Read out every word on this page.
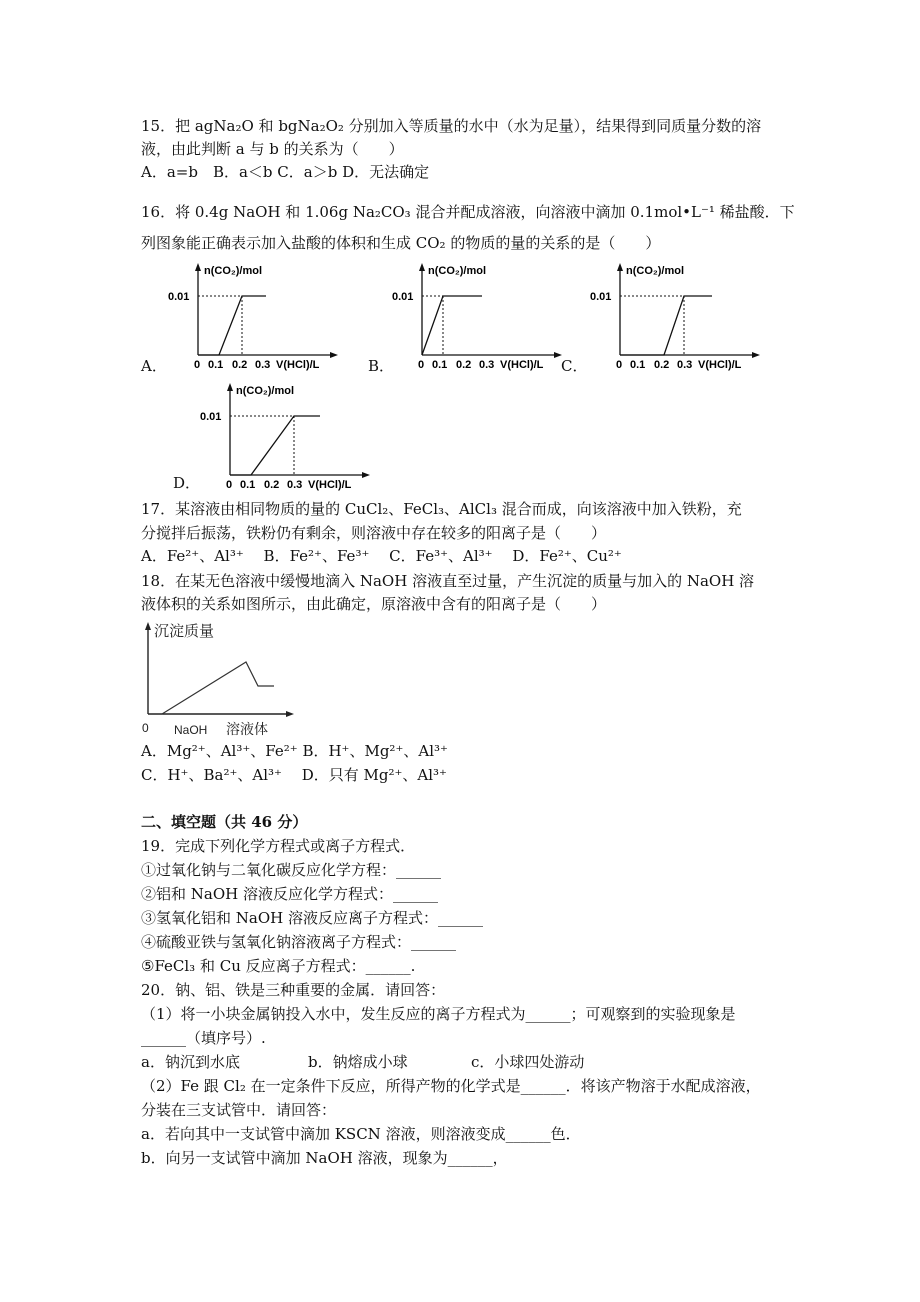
15．把 agNa₂O 和 bgNa₂O₂ 分别加入等质量的水中（水为足量），结果得到同质量分数的溶
液，由此判断 a 与 b 的关系为（　　）
A．a=b　B．a＜b C．a＞b D．无法确定
16．将 0.4g NaOH 和 1.06g Na₂CO₃ 混合并配成溶液，向溶液中滴加 0.1mol•L⁻¹ 稀盐酸．下
列图象能正确表示加入盐酸的体积和生成 CO₂ 的物质的量的关系的是（　　）
A．	B．	C．
D．
n(CO₂)/mol
0.01
0 0.1 0.2 0.3 V(HCl)/L
n(CO₂)/mol
0.01
0 0.1 0.2 0.3 V(HCl)/L
n(CO₂)/mol
0.01
0 0.1 0.2 0.3 V(HCl)/L
n(CO₂)/mol
0.01
0 0.1 0.2 0.3 V(HCl)/L
17．某溶液由相同物质的量的 CuCl₂、FeCl₃、AlCl₃ 混合而成，向该溶液中加入铁粉，充
分搅拌后振荡，铁粉仍有剩余，则溶液中存在较多的阳离子是（　　）
A．Fe²⁺、Al³⁺　 B．Fe²⁺、Fe³⁺　 C．Fe³⁺、Al³⁺　 D．Fe²⁺、Cu²⁺
18．在某无色溶液中缓慢地滴入 NaOH 溶液直至过量，产生沉淀的质量与加入的 NaOH 溶
液体积的关系如图所示，由此确定，原溶液中含有的阳离子是（　　）
沉淀质量
0 NaOH 溶液体
A．Mg²⁺、Al³⁺、Fe²⁺ B．H⁺、Mg²⁺、Al³⁺
C．H⁺、Ba²⁺、Al³⁺　 D．只有 Mg²⁺、Al³⁺
二、填空题（共 46 分）
19．完成下列化学方程式或离子方程式．
①过氧化钠与二氧化碳反应化学方程：______
②铝和 NaOH 溶液反应化学方程式：______
③氢氧化铝和 NaOH 溶液反应离子方程式：______
④硫酸亚铁与氢氧化钠溶液离子方程式：______
⑤FeCl₃ 和 Cu 反应离子方程式：______.
20．钠、铝、铁是三种重要的金属．请回答：
（1）将一小块金属钠投入水中，发生反应的离子方程式为______；可观察到的实验现象是
______（填序号）.
a．钠沉到水底	b．钠熔成小球	c．小球四处游动
（2）Fe 跟 Cl₂ 在一定条件下反应，所得产物的化学式是______．将该产物溶于水配成溶液，
分装在三支试管中．请回答：
a．若向其中一支试管中滴加 KSCN 溶液，则溶液变成______色．
b．向另一支试管中滴加 NaOH 溶液，现象为______，
